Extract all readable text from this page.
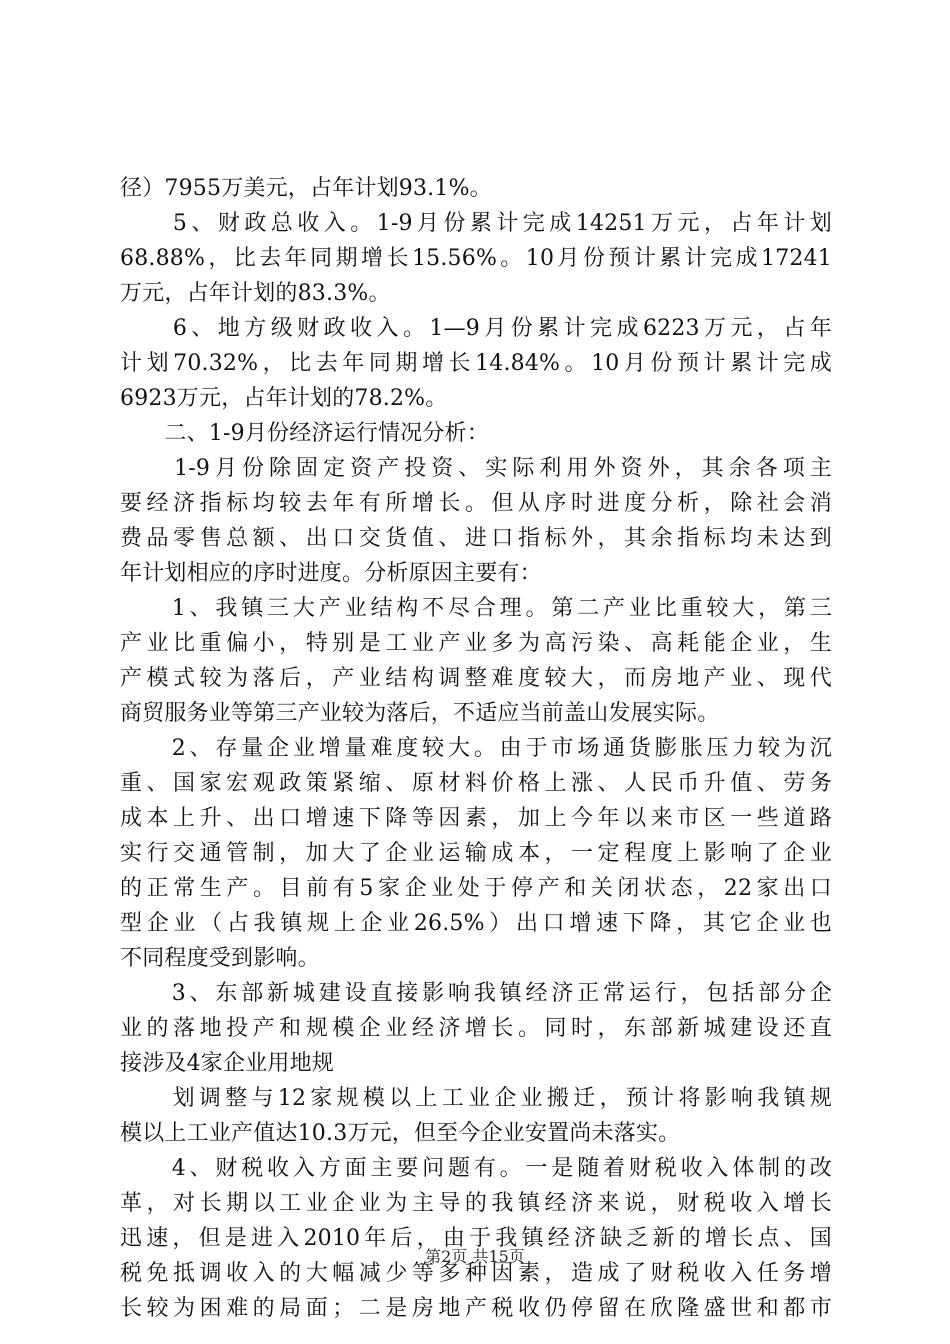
径）7955万美元，占年计划93.1%。
　　5、财政总收入。1-9月份累计完成14251万元，占年计划
68.88%，比去年同期增长15.56%。10月份预计累计完成17241
万元，占年计划的83.3%。
　　6、地方级财政收入。1—9月份累计完成6223万元，占年
计划70.32%，比去年同期增长14.84%。10月份预计累计完成
6923万元，占年计划的78.2%。
　　二、1-9月份经济运行情况分析：
　　1-9月份除固定资产投资、实际利用外资外，其余各项主
要经济指标均较去年有所增长。但从序时进度分析，除社会消
费品零售总额、出口交货值、进口指标外，其余指标均未达到
年计划相应的序时进度。分析原因主要有：
　　1、我镇三大产业结构不尽合理。第二产业比重较大，第三
产业比重偏小，特别是工业产业多为高污染、高耗能企业，生
产模式较为落后，产业结构调整难度较大，而房地产业、现代
商贸服务业等第三产业较为落后，不适应当前盖山发展实际。
　　2、存量企业增量难度较大。由于市场通货膨胀压力较为沉
重、国家宏观政策紧缩、原材料价格上涨、人民币升值、劳务
成本上升、出口增速下降等因素，加上今年以来市区一些道路
实行交通管制，加大了企业运输成本，一定程度上影响了企业
的正常生产。目前有5家企业处于停产和关闭状态，22家出口
型企业（占我镇规上企业26.5%）出口增速下降，其它企业也
不同程度受到影响。
　　3、东部新城建设直接影响我镇经济正常运行，包括部分企
业的落地投产和规模企业经济增长。同时，东部新城建设还直
接涉及4家企业用地规
　　划调整与12家规模以上工业企业搬迁，预计将影响我镇规
模以上工业产值达10.3万元，但至今企业安置尚未落实。
　　4、财税收入方面主要问题有。一是随着财税收入体制的改
革，对长期以工业企业为主导的我镇经济来说，财税收入增长
迅速，但是进入2010年后，由于我镇经济缺乏新的增长点、国
税免抵调收入的大幅减少等多种因素，造成了财税收入任务增
长较为困难的局面；二是房地产税收仍停留在欣隆盛世和都市
第2页 共15页
